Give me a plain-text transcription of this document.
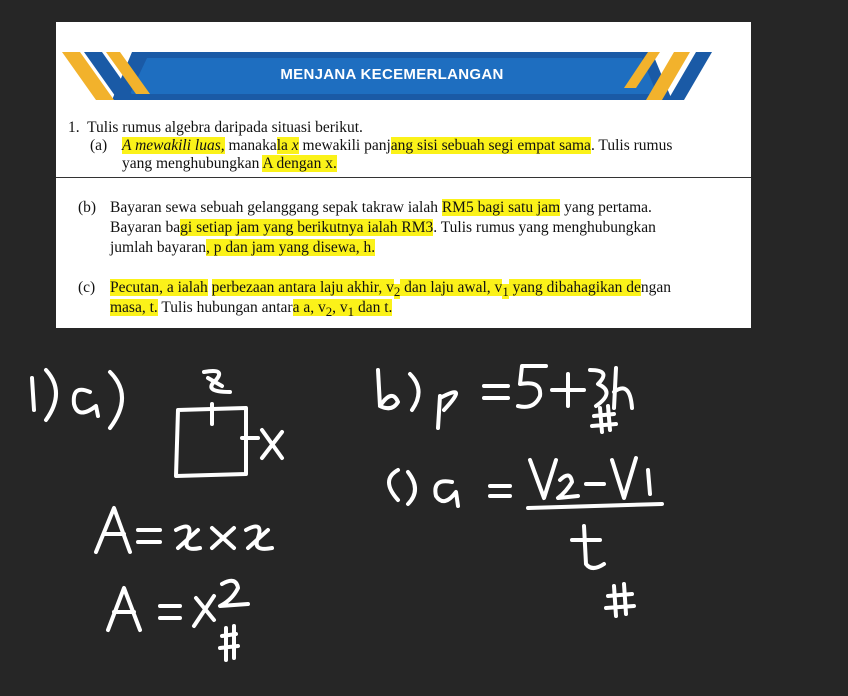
MENJANA KECEMERLANGAN
1. Tulis rumus algebra daripada situasi berikut.
(a) A mewakili luas, manakala x mewakili panjang sisi sebuah segi empat sama. Tulis rumus
yang menghubungkan A dengan x.
(b) Bayaran sewa sebuah gelanggang sepak takraw ialah RM5 bagi satu jam yang pertama.
Bayaran bagi setiap jam yang berikutnya ialah RM3. Tulis rumus yang menghubungkan
jumlah bayaran, p dan jam yang disewa, h.
(c) Pecutan, a ialah perbezaan antara laju akhir, $v_2$ dan laju awal, $v_1$ yang dibahagikan dengan
masa, t. Tulis hubungan antara a, $v_2$, $v_1$ dan t.
